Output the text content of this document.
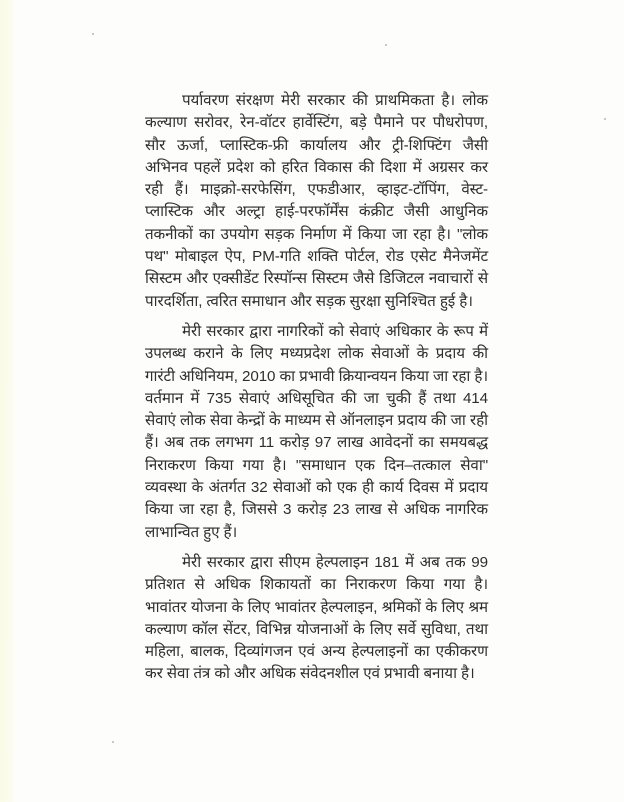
पर्यावरण संरक्षण मेरी सरकार की प्राथमिकता है। लोक कल्याण सरोवर, रेन-वॉटर हार्वेस्टिंग, बड़े पैमाने पर पौधरोपण, सौर ऊर्जा, प्लास्टिक-फ्री कार्यालय और ट्री-शिफ्टिंग जैसी अभिनव पहलें प्रदेश को हरित विकास की दिशा में अग्रसर कर रही हैं। माइक्रो-सरफेसिंग, एफडीआर, व्हाइट-टॉपिंग, वेस्ट-प्लास्टिक और अल्ट्रा हाई-परफॉर्मेंस कंक्रीट जैसी आधुनिक तकनीकों का उपयोग सड़क निर्माण में किया जा रहा है। "लोक पथ" मोबाइल ऐप, PM-गति शक्ति पोर्टल, रोड एसेट मैनेजमेंट सिस्टम और एक्सीडेंट रिस्पॉन्स सिस्टम जैसे डिजिटल नवाचारों से पारदर्शिता, त्वरित समाधान और सड़क सुरक्षा सुनिश्चित हुई है।

मेरी सरकार द्वारा नागरिकों को सेवाएं अधिकार के रूप में उपलब्ध कराने के लिए मध्यप्रदेश लोक सेवाओं के प्रदाय की गारंटी अधिनियम, 2010 का प्रभावी क्रियान्वयन किया जा रहा है। वर्तमान में 735 सेवाएं अधिसूचित की जा चुकी हैं तथा 414 सेवाएं लोक सेवा केन्द्रों के माध्यम से ऑनलाइन प्रदाय की जा रही हैं। अब तक लगभग 11 करोड़ 97 लाख आवेदनों का समयबद्ध निराकरण किया गया है। "समाधान एक दिन–तत्काल सेवा" व्यवस्था के अंतर्गत 32 सेवाओं को एक ही कार्य दिवस में प्रदाय किया जा रहा है, जिससे 3 करोड़ 23 लाख से अधिक नागरिक लाभान्वित हुए हैं।

मेरी सरकार द्वारा सीएम हेल्पलाइन 181 में अब तक 99 प्रतिशत से अधिक शिकायतों का निराकरण किया गया है। भावांतर योजना के लिए भावांतर हेल्पलाइन, श्रमिकों के लिए श्रम कल्याण कॉल सेंटर, विभिन्न योजनाओं के लिए सर्वे सुविधा, तथा महिला, बालक, दिव्यांगजन एवं अन्य हेल्पलाइनों का एकीकरण कर सेवा तंत्र को और अधिक संवेदनशील एवं प्रभावी बनाया है।
